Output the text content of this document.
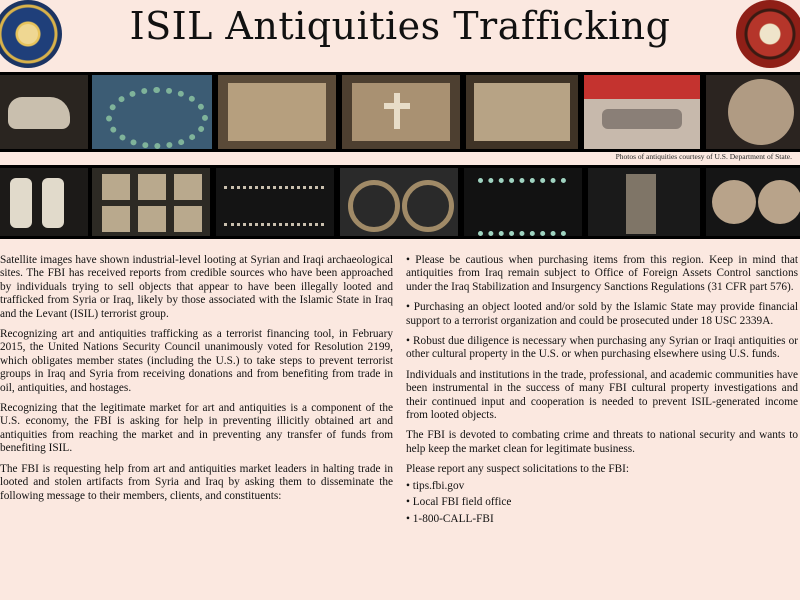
ISIL Antiquities Trafficking
Photos of antiquities courtesy of U.S. Department of State.

Satellite images have shown industrial-level looting at Syrian and Iraqi archaeological sites. The FBI has received reports from credible sources who have been approached by individuals trying to sell objects that appear to have been illegally looted and trafficked from Syria or Iraq, likely by those associated with the Islamic State in Iraq and the Levant (ISIL) terrorist group.

Recognizing art and antiquities trafficking as a terrorist financing tool, in February 2015, the United Nations Security Council unanimously voted for Resolution 2199, which obligates member states (including the U.S.) to take steps to prevent terrorist groups in Iraq and Syria from receiving donations and from benefiting from trade in oil, antiquities, and hostages.

Recognizing that the legitimate market for art and antiquities is a component of the U.S. economy, the FBI is asking for help in preventing illicitly obtained art and antiquities from reaching the market and in preventing any transfer of funds from benefiting ISIL.

The FBI is requesting help from art and antiquities market leaders in halting trade in looted and stolen artifacts from Syria and Iraq by asking them to disseminate the following message to their members, clients, and constituents:

• Please be cautious when purchasing items from this region. Keep in mind that antiquities from Iraq remain subject to Office of Foreign Assets Control sanctions under the Iraq Stabilization and Insurgency Sanctions Regulations (31 CFR part 576).

• Purchasing an object looted and/or sold by the Islamic State may provide financial support to a terrorist organization and could be prosecuted under 18 USC 2339A.

• Robust due diligence is necessary when purchasing any Syrian or Iraqi antiquities or other cultural property in the U.S. or when purchasing elsewhere using U.S. funds.

Individuals and institutions in the trade, professional, and academic communities have been instrumental in the success of many FBI cultural property investigations and their continued input and cooperation is needed to prevent ISIL-generated income from looted objects.

The FBI is devoted to combating crime and threats to national security and wants to help keep the market clean for legitimate business.

Please report any suspect solicitations to the FBI:

• tips.fbi.gov

• Local FBI field office

• 1-800-CALL-FBI
